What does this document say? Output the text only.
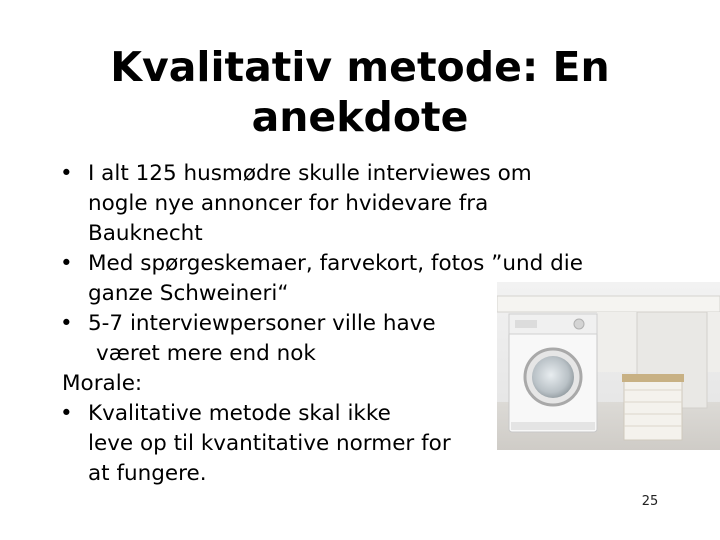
Kvalitativ metode: En
anekdote
• I alt 125 husmødre skulle interviewes om
nogle nye annoncer for hvidevare fra
Bauknecht
• Med spørgeskemaer, farvekort, fotos ”und die
ganze Schweineri“
• 5-7 interviewpersoner ville have
været mere end nok
Morale:
• Kvalitative metode skal ikke
leve op til kvantitative normer for
at fungere.
25
